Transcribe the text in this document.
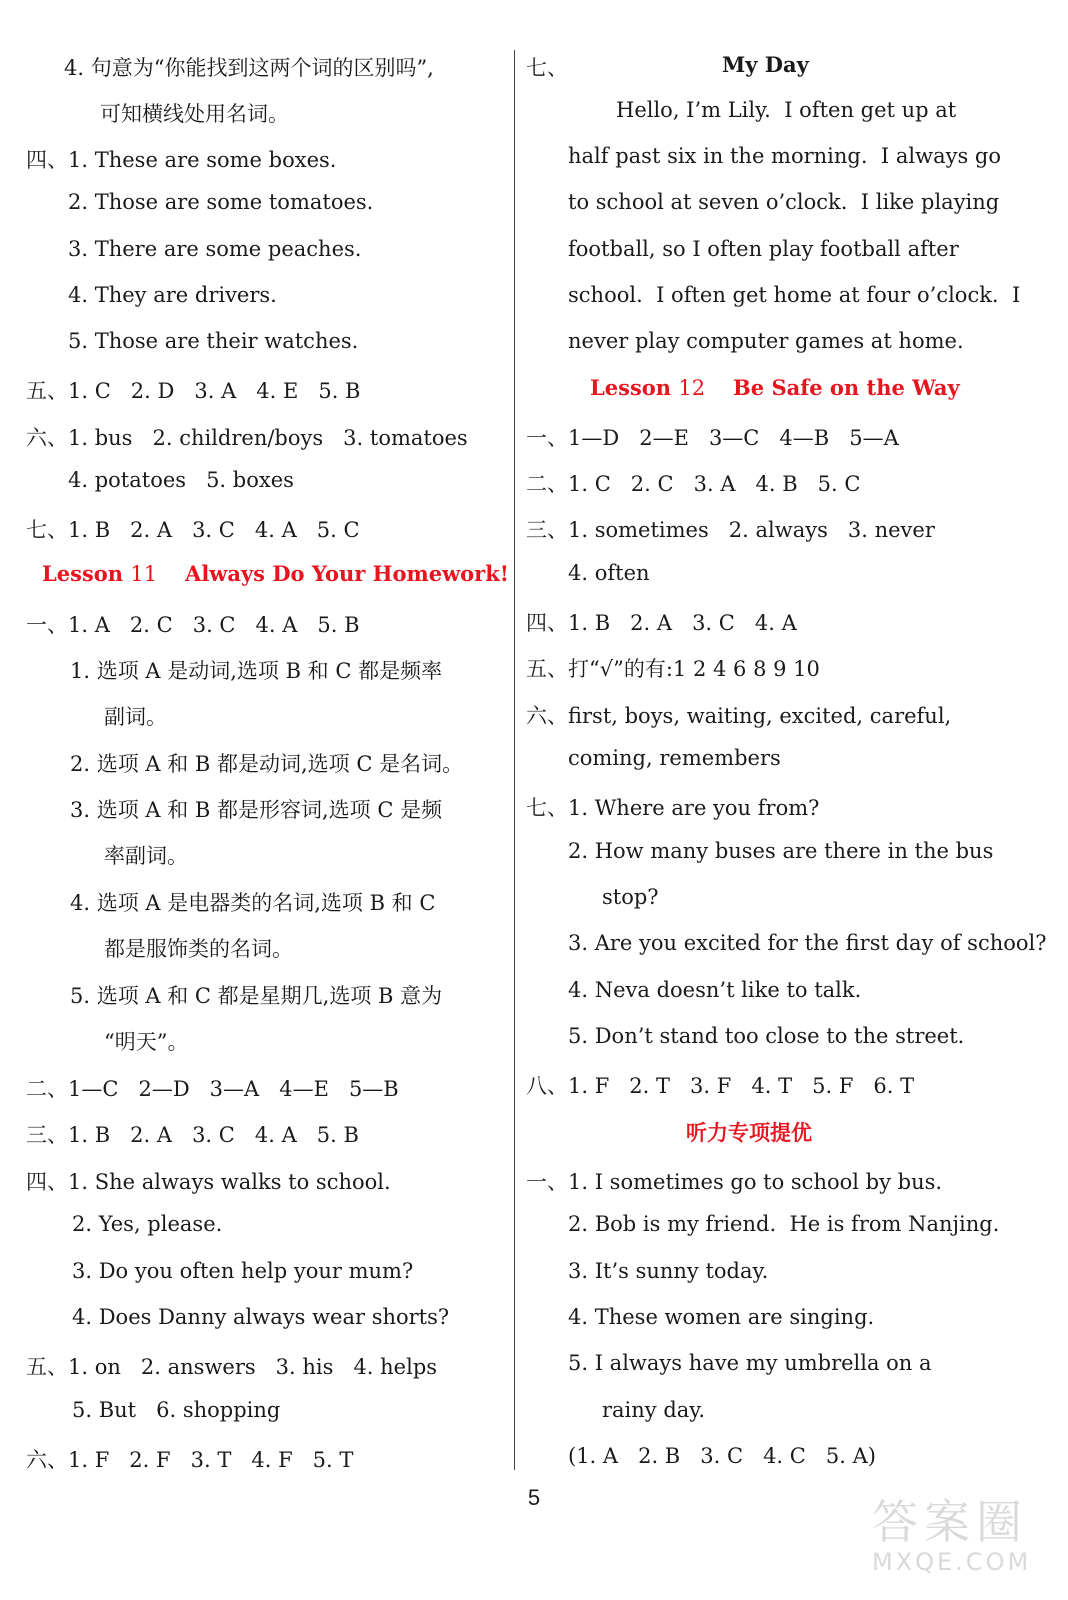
4. 句意为“你能找到这两个词的区别吗”,
可知横线处用名词。
四、1. These are some boxes.
2. Those are some tomatoes.
3. There are some peaches.
4. They are drivers.
5. Those are their watches.
五、1. C   2. D   3. A   4. E   5. B
六、1. bus   2. children/boys   3. tomatoes
4. potatoes   5. boxes
七、1. B   2. A   3. C   4. A   5. C
Lesson 11   Always Do Your Homework!
一、1. A   2. C   3. C   4. A   5. B
1. 选项 A 是动词,选项 B 和 C 都是频率
副词。
2. 选项 A 和 B 都是动词,选项 C 是名词。
3. 选项 A 和 B 都是形容词,选项 C 是频
率副词。
4. 选项 A 是电器类的名词,选项 B 和 C
都是服饰类的名词。
5. 选项 A 和 C 都是星期几,选项 B 意为
“明天”。
二、1—C   2—D   3—A   4—E   5—B
三、1. B   2. A   3. C   4. A   5. B
四、1. She always walks to school.
2. Yes, please.
3. Do you often help your mum?
4. Does Danny always wear shorts?
五、1. on   2. answers   3. his   4. helps
5. But   6. shopping
六、1. F   2. F   3. T   4. F   5. T
七、	My Day
Hello, I’m Lily.  I often get up at
half past six in the morning.  I always go
to school at seven o’clock.  I like playing
football, so I often play football after
school.  I often get home at four o’clock.  I
never play computer games at home.
Lesson 12   Be Safe on the Way
一、1—D   2—E   3—C   4—B   5—A
二、1. C   2. C   3. A   4. B   5. C
三、1. sometimes   2. always   3. never
4. often
四、1. B   2. A   3. C   4. A
五、打“√”的有:1 2 4 6 8 9 10
六、first, boys, waiting, excited, careful,
coming, remembers
七、1. Where are you from?
2. How many buses are there in the bus
stop?
3. Are you excited for the first day of school?
4. Neva doesn’t like to talk.
5. Don’t stand too close to the street.
八、1. F   2. T   3. F   4. T   5. F   6. T
听力专项提优
一、1. I sometimes go to school by bus.
2. Bob is my friend.  He is from Nanjing.
3. It’s sunny today.
4. These women are singing.
5. I always have my umbrella on a
rainy day.
(1. A   2. B   3. C   4. C   5. A)
5	答案圈
MXQE.COM
